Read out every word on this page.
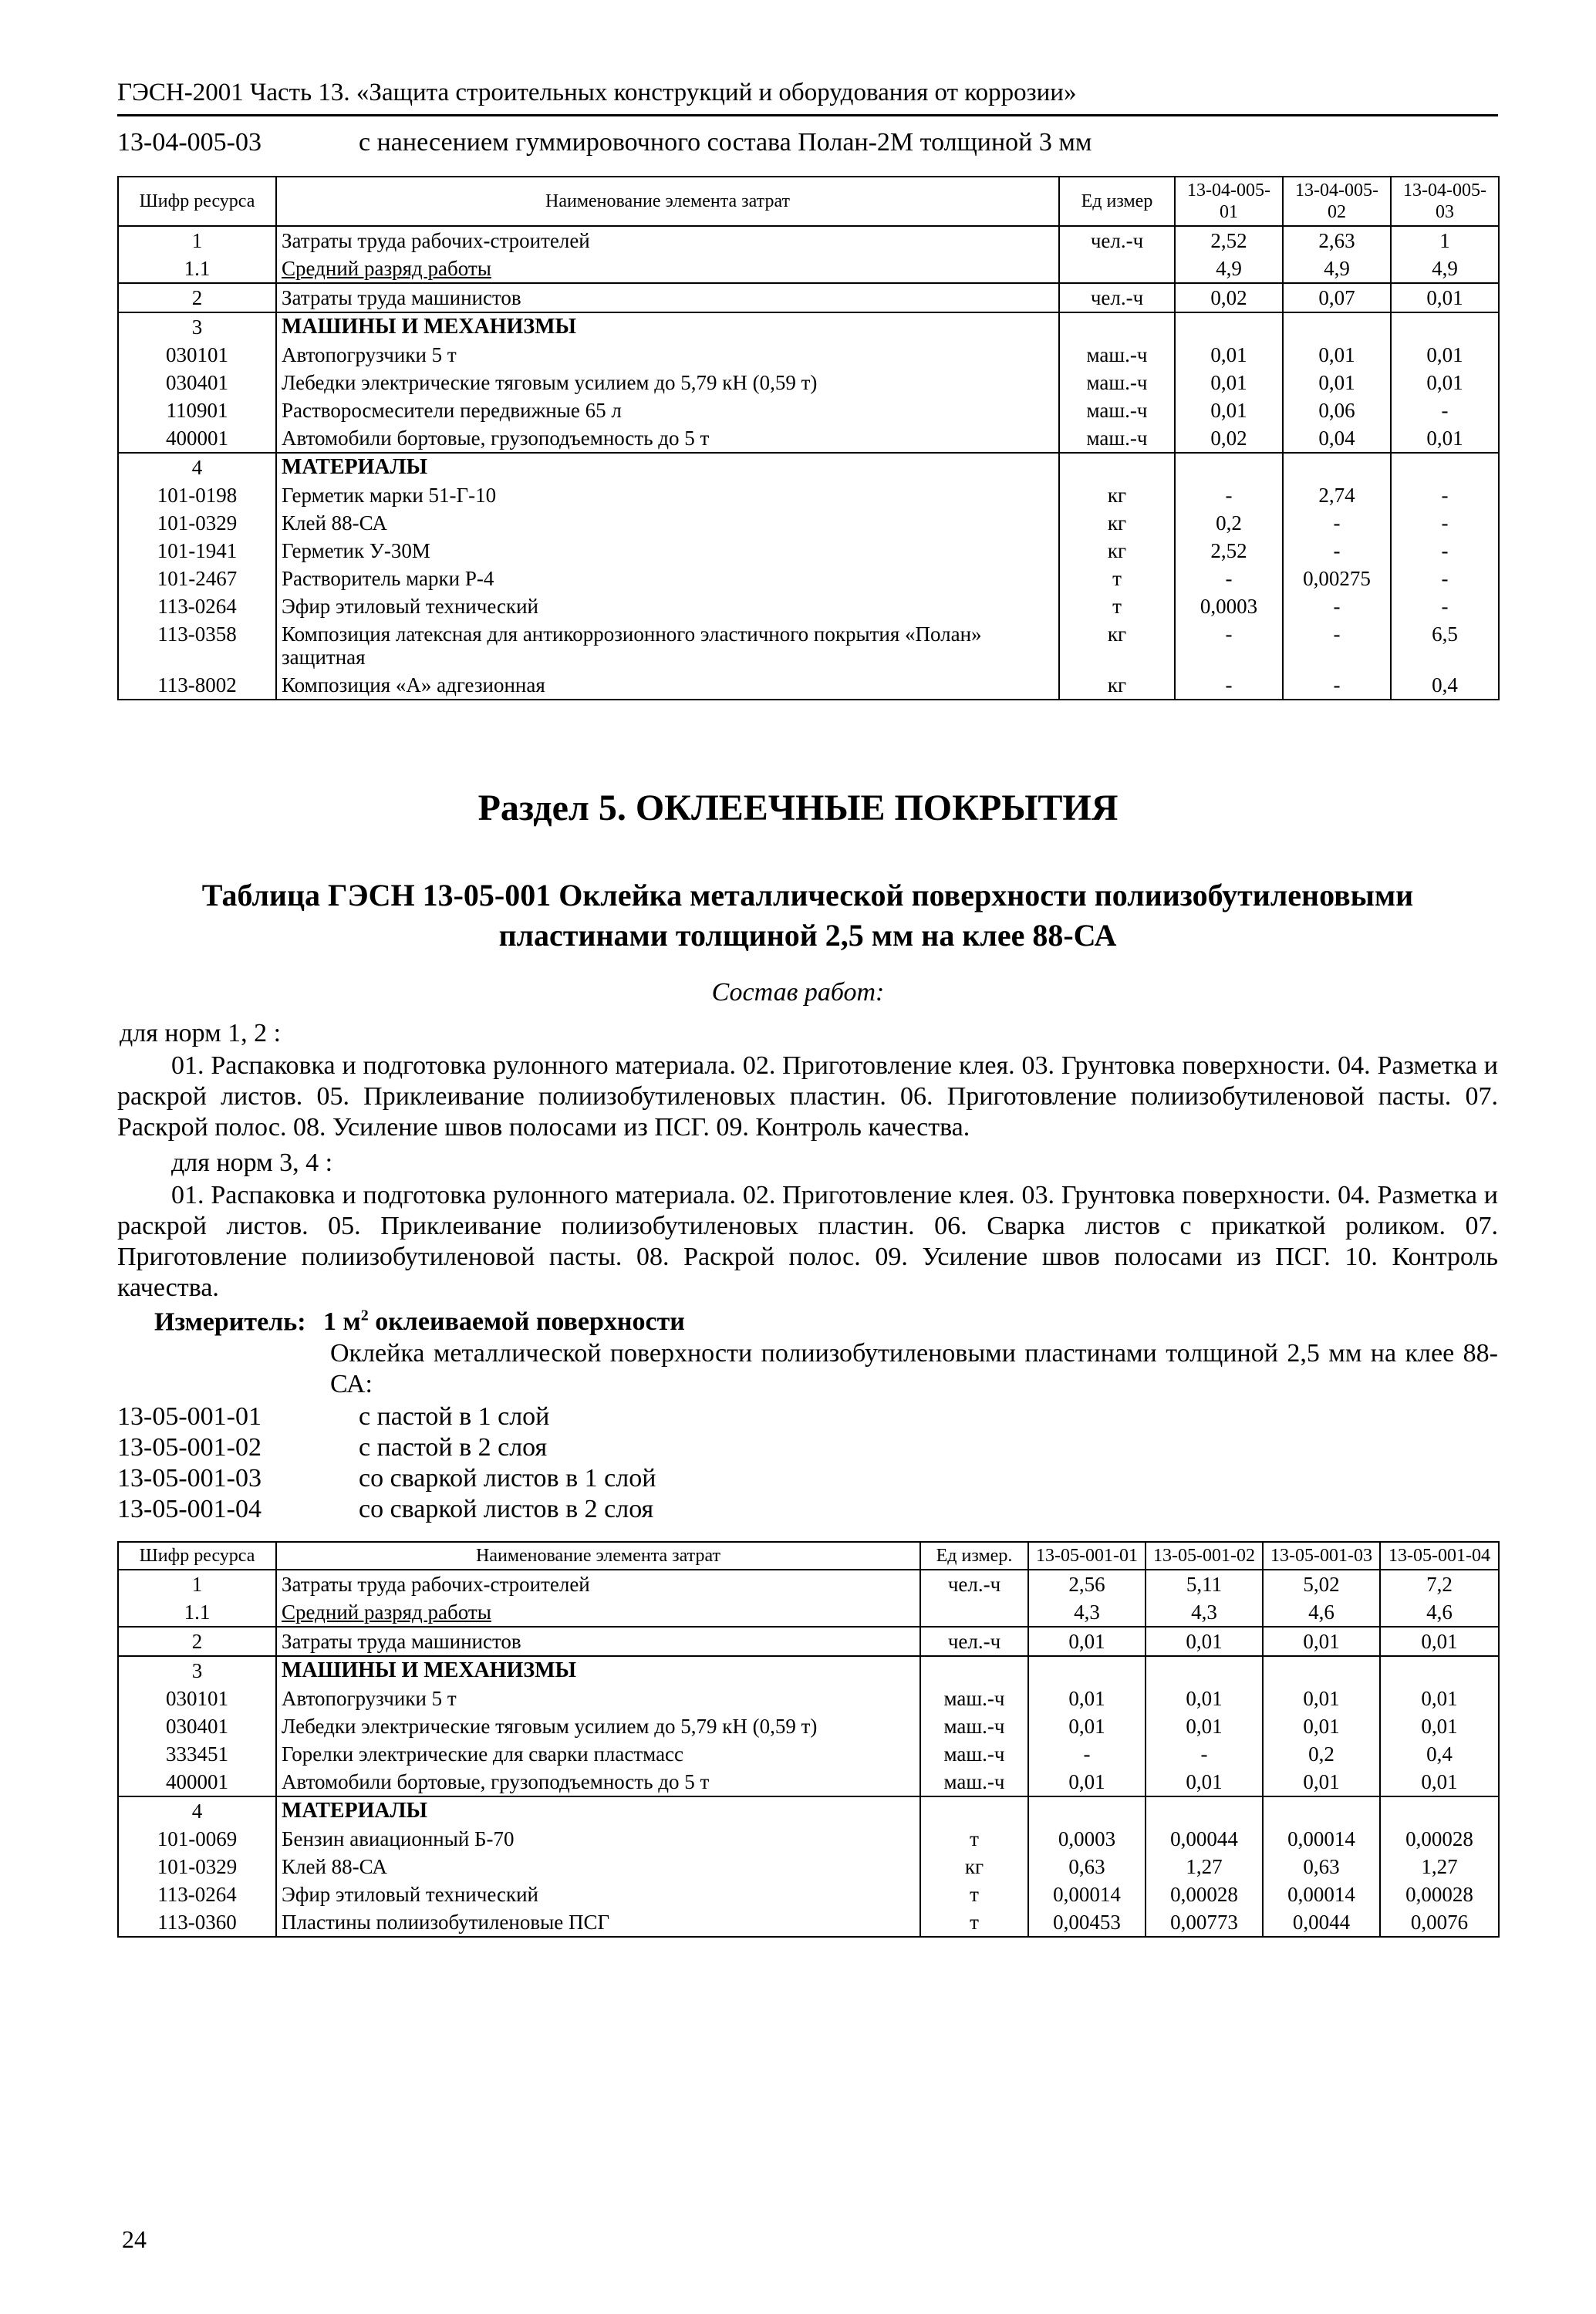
ГЭСН-2001 Часть 13. «Защита строительных конструкций и оборудования от коррозии»
13-04-005-03	с нанесением гуммировочного состава Полан-2М толщиной 3 мм
Шифр ресурса	Наименование элемента затрат	Ед измер	13-04-005-01	13-04-005-02	13-04-005-03
1	Затраты труда рабочих-строителей	чел.-ч	2,52	2,63	1
1.1	Средний разряд работы		4,9	4,9	4,9
2	Затраты труда машинистов	чел.-ч	0,02	0,07	0,01
3	МАШИНЫ И МЕХАНИЗМЫ				
030101	Автопогрузчики 5 т	маш.-ч	0,01	0,01	0,01
030401	Лебедки электрические тяговым усилием до 5,79 кН (0,59 т)	маш.-ч	0,01	0,01	0,01
110901	Растворосмесители передвижные 65 л	маш.-ч	0,01	0,06	-
400001	Автомобили бортовые, грузоподъемность до 5 т	маш.-ч	0,02	0,04	0,01
4	МАТЕРИАЛЫ				
101-0198	Герметик марки 51-Г-10	кг	-	2,74	-
101-0329	Клей 88-СА	кг	0,2	-	-
101-1941	Герметик У-30М	кг	2,52	-	-
101-2467	Растворитель марки Р-4	т	-	0,00275	-
113-0264	Эфир этиловый технический	т	0,0003	-	-
113-0358	Композиция латексная для антикоррозионного эластичного покрытия «Полан» защитная	кг	-	-	6,5
113-8002	Композиция «А» адгезионная	кг	-	-	0,4
Раздел 5. ОКЛЕЕЧНЫЕ ПОКРЫТИЯ
Таблица ГЭСН 13-05-001 Оклейка металлической поверхности полиизобутиленовыми пластинами толщиной 2,5 мм на клее 88-СА
Состав работ:
для норм 1, 2 :
01. Распаковка и подготовка рулонного материала. 02. Приготовление клея. 03. Грунтовка поверхности. 04. Разметка и раскрой листов. 05. Приклеивание полиизобутиленовых пластин. 06. Приготовление полиизобутиленовой пасты. 07. Раскрой полос. 08. Усиление швов полосами из ПСГ. 09. Контроль качества.
для норм 3, 4 :
01. Распаковка и подготовка рулонного материала. 02. Приготовление клея. 03. Грунтовка поверхности. 04. Разметка и раскрой листов. 05. Приклеивание полиизобутиленовых пластин. 06. Сварка листов с прикаткой роликом. 07. Приготовление полиизобутиленовой пасты. 08. Раскрой полос. 09. Усиление швов полосами из ПСГ. 10. Контроль качества.
Измеритель: 1 $м^2$ оклеиваемой поверхности
Оклейка металлической поверхности полиизобутиленовыми пластинами толщиной 2,5 мм на клее 88-СА:
13-05-001-01	с пастой в 1 слой
13-05-001-02	с пастой в 2 слоя
13-05-001-03	со сваркой листов в 1 слой
13-05-001-04	со сваркой листов в 2 слоя
Шифр ресурса	Наименование элемента затрат	Ед измер.	13-05-001-01	13-05-001-02	13-05-001-03	13-05-001-04
1	Затраты труда рабочих-строителей	чел.-ч	2,56	5,11	5,02	7,2
1.1	Средний разряд работы		4,3	4,3	4,6	4,6
2	Затраты труда машинистов	чел.-ч	0,01	0,01	0,01	0,01
3	МАШИНЫ И МЕХАНИЗМЫ					
030101	Автопогрузчики 5 т	маш.-ч	0,01	0,01	0,01	0,01
030401	Лебедки электрические тяговым усилием до 5,79 кН (0,59 т)	маш.-ч	0,01	0,01	0,01	0,01
333451	Горелки электрические для сварки пластмасс	маш.-ч	-	-	0,2	0,4
400001	Автомобили бортовые, грузоподъемность до 5 т	маш.-ч	0,01	0,01	0,01	0,01
4	МАТЕРИАЛЫ					
101-0069	Бензин авиационный Б-70	т	0,0003	0,00044	0,00014	0,00028
101-0329	Клей 88-СА	кг	0,63	1,27	0,63	1,27
113-0264	Эфир этиловый технический	т	0,00014	0,00028	0,00014	0,00028
113-0360	Пластины полиизобутиленовые ПСГ	т	0,00453	0,00773	0,0044	0,0076
24
